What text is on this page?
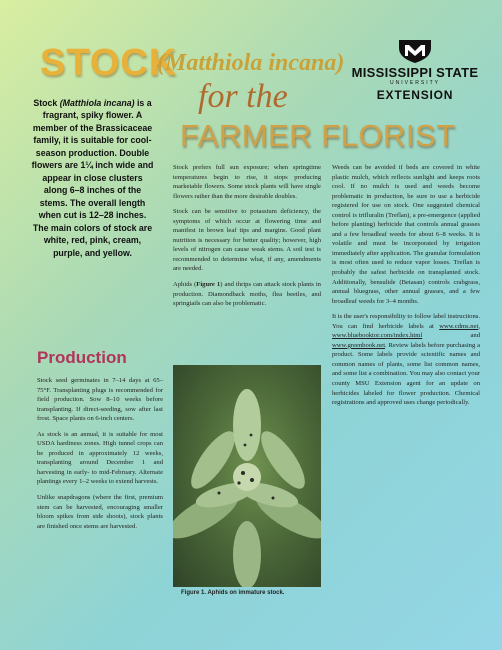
STOCK
(Matthiola incana)
for the
FARMER FLORIST
MISSISSIPPI STATE
UNIVERSITY
EXTENSION
Stock (Matthiola incana) is a fragrant, spiky flower. A member of the Brassicaceae family, it is suitable for cool-season production. Double flowers are 1¼ inch wide and appear in close clusters along 6–8 inches of the stems. The overall length when cut is 12–28 inches. The main colors of stock are white, red, pink, cream, purple, and yellow.
Production

Stock seed germinates in 7–14 days at 65–75°F. Transplanting plugs is recommended for field production. Sow 8–10 weeks before transplanting. If direct-seeding, sow after last frost. Space plants on 6-inch centers.

As stock is an annual, it is suitable for most USDA hardiness zones. High tunnel crops can be produced in approximately 12 weeks, transplanting around December 1 and harvesting in early- to mid-February. Alternate plantings every 1–2 weeks to extend harvests.

Unlike snapdragons (where the first, premium stem can be harvested, encouraging smaller bloom spikes from side shoots), stock plants are finished once stems are harvested.

Stock prefers full sun exposure; when springtime temperatures begin to rise, it stops producing marketable flowers. Some stock plants will have single flowers rather than the more desirable doubles.

Stock can be sensitive to potassium deficiency, the symptoms of which occur at flowering time and manifest in brown leaf tips and margins. Good plant nutrition is necessary for better quality; however, high levels of nitrogen can cause weak stems. A soil test is recommended to determine what, if any, amendments are needed.

Aphids (Figure 1) and thrips can attack stock plants in production. Diamondback moths, flea beetles, and springtails can also be problematic.

Figure 1. Aphids on immature stock.

Weeds can be avoided if beds are covered in white plastic mulch, which reflects sunlight and keeps roots cool. If no mulch is used and weeds become problematic in production, be sure to use a herbicide registered for use on stock. One suggested chemical control is trifluralin (Treflan), a pre-emergence (applied before planting) herbicide that controls annual grasses and a few broadleaf weeds for about 6–8 weeks. It is volatile and must be incorporated by irrigation immediately after application. The granular formulation is most often used to reduce vapor losses. Treflan is probably the safest herbicide on transplanted stock. Additionally, bensulide (Betasan) controls crabgrass, annual bluegrass, other annual grasses, and a few broadleaf weeds for 3–4 months.

It is the user's responsibility to follow label instructions. You can find herbicide labels at www.cdms.net, www.bluebooktor.com/index.html and www.greenbook.net. Review labels before purchasing a product. Some labels provide scientific names and common names of plants, some list common names, and some list a combination. You may also contact your county MSU Extension agent for an update on herbicides labeled for flower production. Chemical registrations and approved uses change periodically.
